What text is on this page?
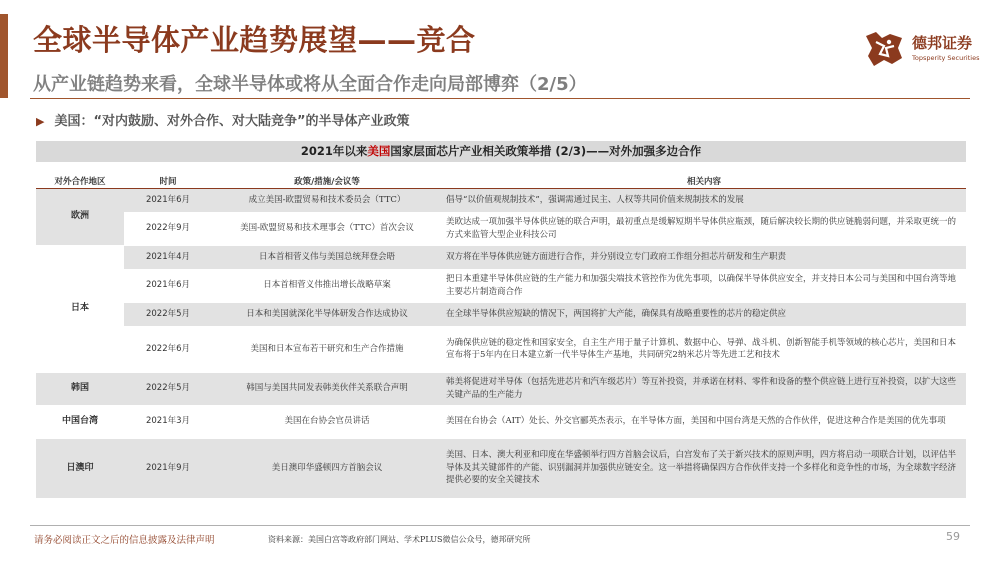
全球半导体产业趋势展望——竞合
从产业链趋势来看，全球半导体或将从全面合作走向局部博弈（2/5）
德邦证券
Topsperity Securities
▶ 美国：“对内鼓励、对外合作、对大陆竞争”的半导体产业政策
2021年以来美国国家层面芯片产业相关政策举措 (2/3)——对外加强多边合作
对外合作地区	时间	政策/措施/会议等	相关内容
欧洲	2021年6月	成立美国-欧盟贸易和技术委员会（TTC）	倡导“以价值观规制技术”，强调需通过民主、人权等共同价值来规制技术的发展
	2022年9月	美国-欧盟贸易和技术理事会（TTC）首次会议	美欧达成一项加强半导体供应链的联合声明，最初重点是缓解短期半导体供应瓶颈，随后解决较长期的供应链脆弱问题，并采取更统一的方式来监管大型企业科技公司
日本	2021年4月	日本首相菅义伟与美国总统拜登会晤	双方将在半导体供应链方面进行合作，并分别设立专门政府工作组分担芯片研发和生产职责
	2021年6月	日本首相菅义伟推出增长战略草案	把日本重建半导体供应链的生产能力和加强尖端技术管控作为优先事项，以确保半导体供应安全，并支持日本公司与美国和中国台湾等地主要芯片制造商合作
	2022年5月	日本和美国就深化半导体研发合作达成协议	在全球半导体供应短缺的情况下，两国将扩大产能，确保具有战略重要性的芯片的稳定供应
	2022年6月	美国和日本宣布若干研究和生产合作措施	为确保供应链的稳定性和国家安全，自主生产用于量子计算机、数据中心、导弹、战斗机、创新智能手机等领域的核心芯片，美国和日本宣布将于5年内在日本建立新一代半导体生产基地，共同研究2纳米芯片等先进工艺和技术
韩国	2022年5月	韩国与美国共同发表韩美伙伴关系联合声明	韩美将促进对半导体（包括先进芯片和汽车级芯片）等互补投资，并承诺在材料、零件和设备的整个供应链上进行互补投资，以扩大这些关键产品的生产能力
中国台湾	2021年3月	美国在台协会官员讲话	美国在台协会（AIT）处长、外交官郦英杰表示，在半导体方面，美国和中国台湾是天然的合作伙伴，促进这种合作是美国的优先事项
日澳印	2021年9月	美日澳印华盛顿四方首脑会议	美国、日本、澳大利亚和印度在华盛顿举行四方首脑会议后，白宫发布了关于新兴技术的原则声明，四方将启动一项联合计划，以评估半导体及其关键部件的产能、识别漏洞并加强供应链安全。这一举措将确保四方合作伙伴支持一个多样化和竞争性的市场，为全球数字经济提供必要的安全关键技术
请务必阅读正文之后的信息披露及法律声明	资料来源：美国白宫等政府部门网站、学术PLUS微信公众号，德邦研究所	59
